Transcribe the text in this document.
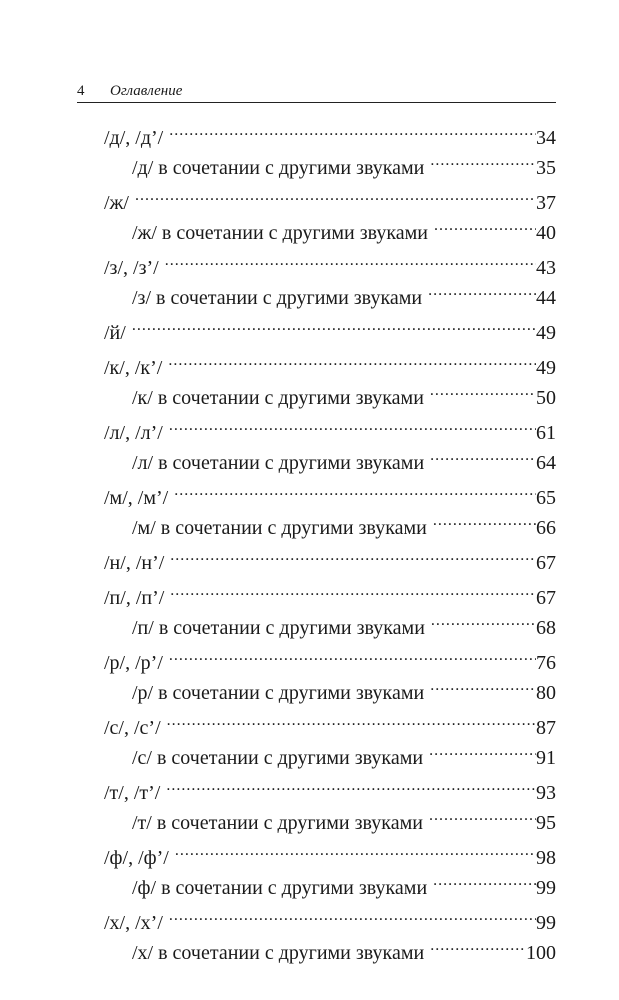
4 Оглавление
/д/, /д’/ .....	34
/д/ в сочетании с другими звуками .....	35
/ж/ .....	37
/ж/ в сочетании с другими звуками .....	40
/з/, /з’/ .....	43
/з/ в сочетании с другими звуками .....	44
/й/ .....	49
/к/, /к’/ .....	49
/к/ в сочетании с другими звуками .....	50
/л/, /л’/ .....	61
/л/ в сочетании с другими звуками .....	64
/м/, /м’/ .....	65
/м/ в сочетании с другими звуками .....	66
/н/, /н’/ .....	67
/п/, /п’/ .....	67
/п/ в сочетании с другими звуками .....	68
/р/, /р’/ .....	76
/р/ в сочетании с другими звуками .....	80
/с/, /с’/ .....	87
/с/ в сочетании с другими звуками .....	91
/т/, /т’/ .....	93
/т/ в сочетании с другими звуками .....	95
/ф/, /ф’/ .....	98
/ф/ в сочетании с другими звуками .....	99
/х/, /х’/ .....	99
/х/ в сочетании с другими звуками .....	100
